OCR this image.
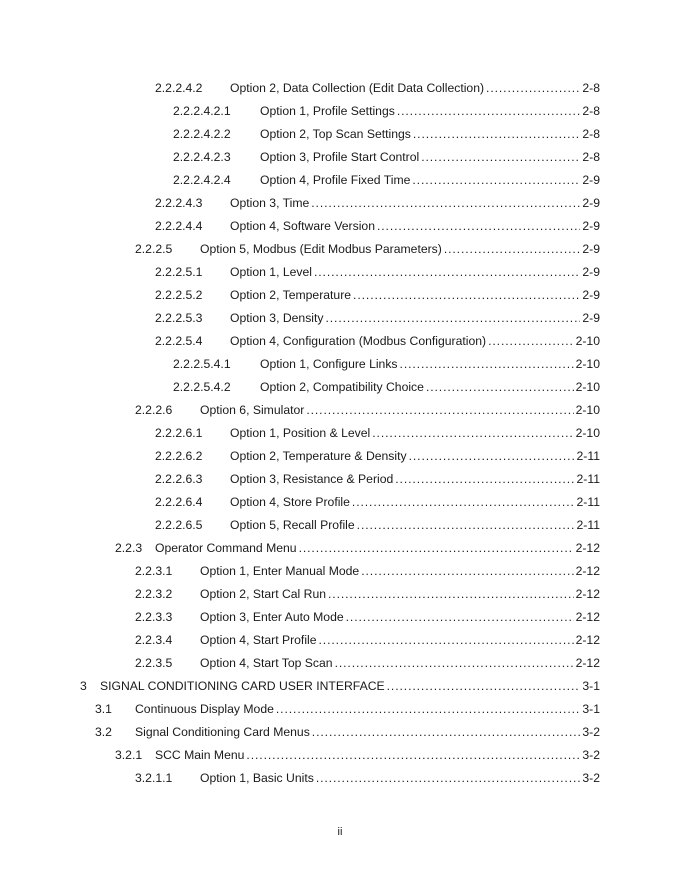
2.2.2.4.2 Option 2, Data Collection (Edit Data Collection) .....	2-8
2.2.2.4.2.1 Option 1, Profile Settings .....	2-8
2.2.2.4.2.2 Option 2, Top Scan Settings .....	2-8
2.2.2.4.2.3 Option 3, Profile Start Control .....	2-8
2.2.2.4.2.4 Option 4, Profile Fixed Time .....	2-9
2.2.2.4.3 Option 3, Time .....	2-9
2.2.2.4.4 Option 4, Software Version .....	2-9
2.2.2.5 Option 5, Modbus (Edit Modbus Parameters) .....	2-9
2.2.2.5.1 Option 1, Level .....	2-9
2.2.2.5.2 Option 2, Temperature .....	2-9
2.2.2.5.3 Option 3, Density .....	2-9
2.2.2.5.4 Option 4, Configuration (Modbus Configuration) .....	2-10
2.2.2.5.4.1 Option 1, Configure Links .....	2-10
2.2.2.5.4.2 Option 2, Compatibility Choice .....	2-10
2.2.2.6 Option 6, Simulator .....	2-10
2.2.2.6.1 Option 1, Position & Level .....	2-10
2.2.2.6.2 Option 2, Temperature & Density .....	2-11
2.2.2.6.3 Option 3, Resistance & Period .....	2-11
2.2.2.6.4 Option 4, Store Profile .....	2-11
2.2.2.6.5 Option 5, Recall Profile .....	2-11
2.2.3 Operator Command Menu .....	2-12
2.2.3.1 Option 1, Enter Manual Mode .....	2-12
2.2.3.2 Option 2, Start Cal Run .....	2-12
2.2.3.3 Option 3, Enter Auto Mode .....	2-12
2.2.3.4 Option 4, Start Profile .....	2-12
2.2.3.5 Option 4, Start Top Scan .....	2-12
3 SIGNAL CONDITIONING CARD USER INTERFACE .....	3-1
3.1 Continuous Display Mode .....	3-1
3.2 Signal Conditioning Card Menus .....	3-2
3.2.1 SCC Main Menu .....	3-2
3.2.1.1 Option 1, Basic Units .....	3-2
ii
